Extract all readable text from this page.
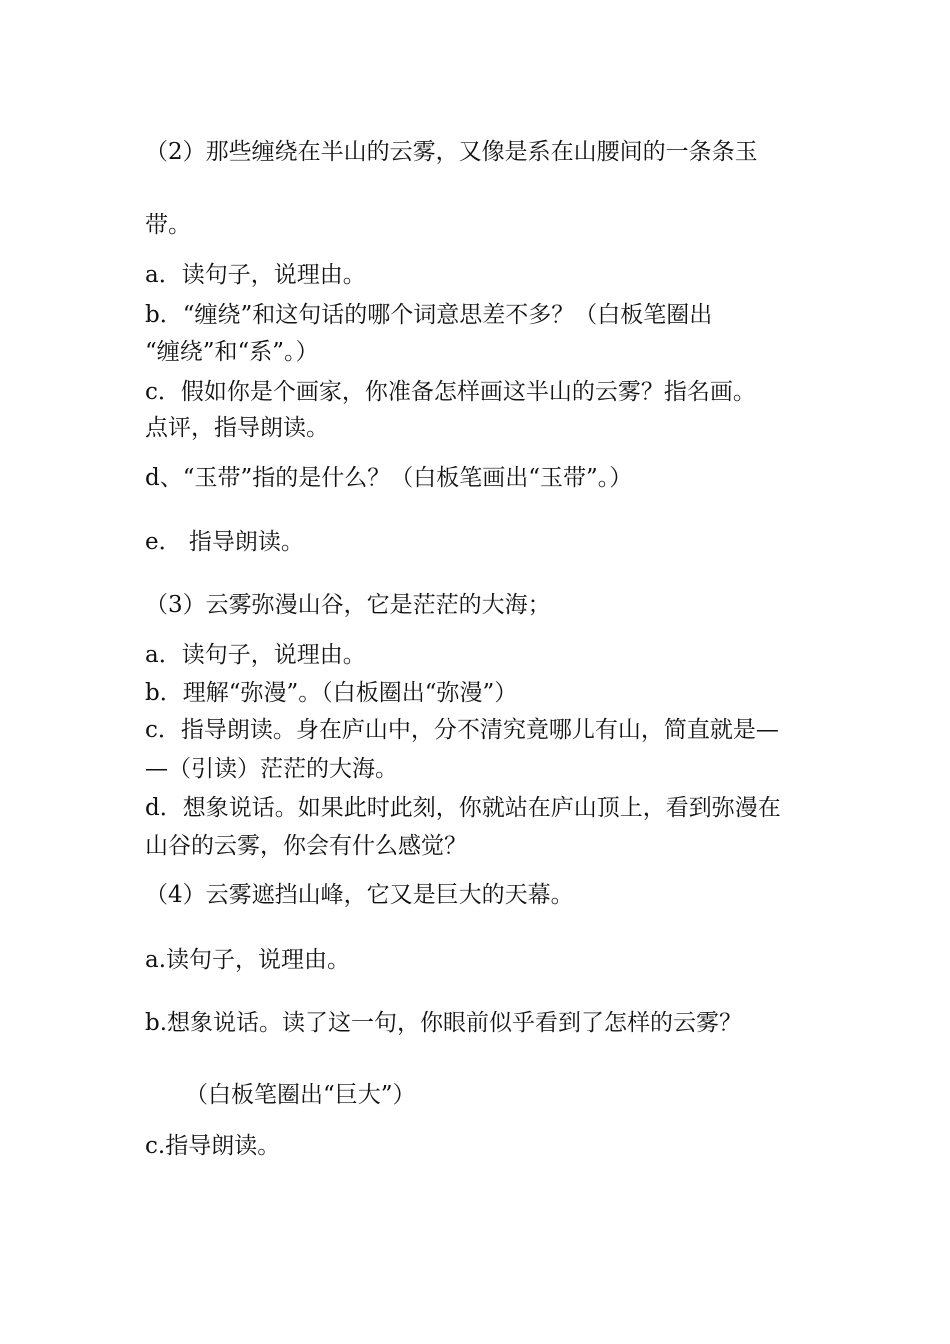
（2）那些缠绕在半山的云雾，又像是系在山腰间的一条条玉
带。
a．读句子，说理由。
b．“缠绕”和这句话的哪个词意思差不多？（白板笔圈出
“缠绕”和“系”。）
c．假如你是个画家，你准备怎样画这半山的云雾？指名画。
点评，指导朗读。
d、“玉带”指的是什么？（白板笔画出“玉带”。）
e． 指导朗读。
（3）云雾弥漫山谷，它是茫茫的大海；
a．读句子，说理由。
b．理解“弥漫”。（白板圈出“弥漫”）
c．指导朗读。身在庐山中，分不清究竟哪儿有山，简直就是—
—（引读）茫茫的大海。
d．想象说话。如果此时此刻，你就站在庐山顶上，看到弥漫在
山谷的云雾，你会有什么感觉？
（4）云雾遮挡山峰，它又是巨大的天幕。
a.读句子，说理由。
b.想象说话。读了这一句，你眼前似乎看到了怎样的云雾？
（白板笔圈出“巨大”）
c.指导朗读。
